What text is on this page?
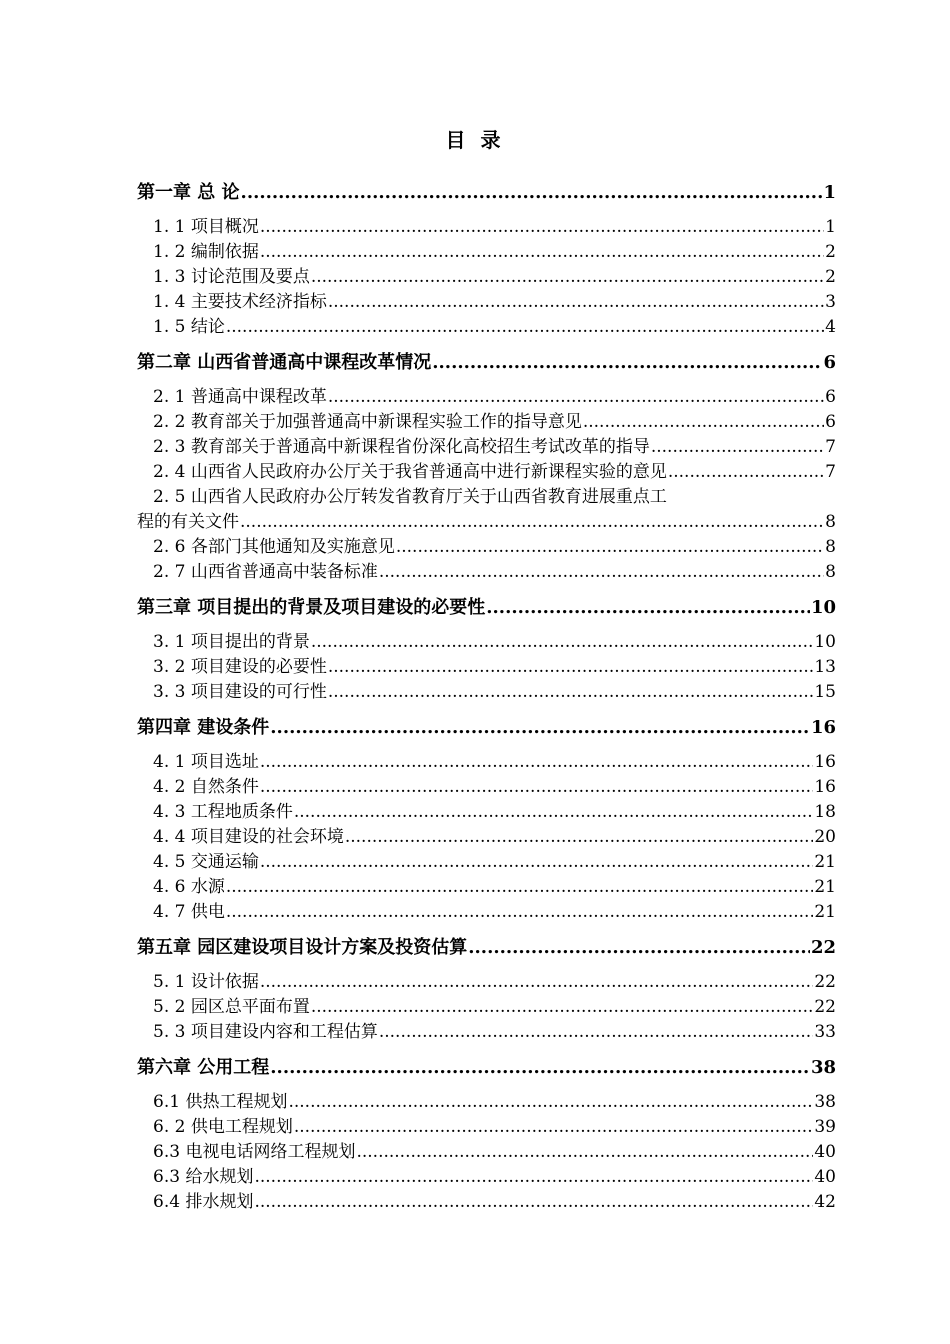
目 录
第一章 总 论 .....	1
1. 1 项目概况 .....	1
1. 2 编制依据 .....	2
1. 3 讨论范围及要点 .....	2
1. 4 主要技术经济指标 .....	3
1. 5 结论 .....	4
第二章 山西省普通高中课程改革情况 .....	6
2. 1 普通高中课程改革 .....	6
2. 2 教育部关于加强普通高中新课程实验工作的指导意见 .....	6
2. 3 教育部关于普通高中新课程省份深化高校招生考试改革的指导 .....	7
2. 4 山西省人民政府办公厅关于我省普通高中进行新课程实验的意见 .....	7
2. 5 山西省人民政府办公厅转发省教育厅关于山西省教育进展重点工
程的有关文件 .....	8
2. 6 各部门其他通知及实施意见 .....	8
2. 7 山西省普通高中装备标准 .....	8
第三章 项目提出的背景及项目建设的必要性 .....	10
3. 1 项目提出的背景 .....	10
3. 2 项目建设的必要性 .....	13
3. 3 项目建设的可行性 .....	15
第四章 建设条件 .....	16
4. 1 项目选址 .....	16
4. 2 自然条件 .....	16
4. 3 工程地质条件 .....	18
4. 4 项目建设的社会环境 .....	20
4. 5 交通运输 .....	21
4. 6 水源 .....	21
4. 7 供电 .....	21
第五章 园区建设项目设计方案及投资估算 .....	22
5. 1 设计依据 .....	22
5. 2 园区总平面布置 .....	22
5. 3 项目建设内容和工程估算 .....	33
第六章 公用工程 .....	38
6.1 供热工程规划 .....	38
6. 2 供电工程规划 .....	39
6.3 电视电话网络工程规划 .....	40
6.3 给水规划 .....	40
6.4 排水规划 .....	42
